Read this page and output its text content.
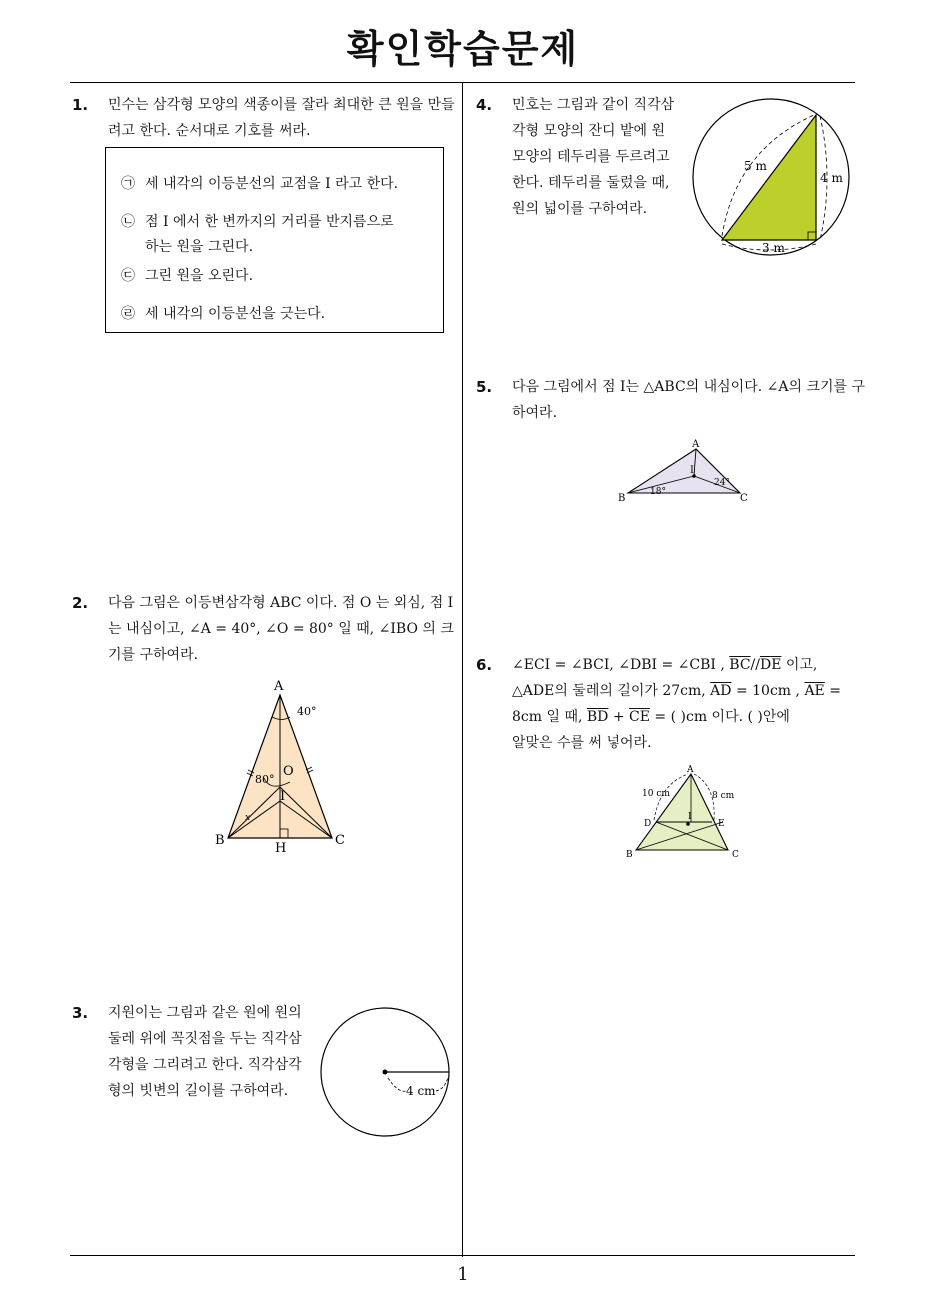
확인학습문제
1
1. 민수는 삼각형 모양의 색종이를 잘라 최대한 큰 원을 만들려고 한다. 순서대로 기호를 써라.
㉠ 세 내각의 이등분선의 교점을 I 라고 한다.
㉡ 점 I 에서 한 변까지의 거리를 반지름으로
하는 원을 그린다.
㉢ 그린 원을 오린다.
㉣ 세 내각의 이등분선을 긋는다.
2. 다음 그림은 이등변삼각형 ABC 이다. 점 O 는 외심, 점 I 는 내심이고, ∠A = 40°, ∠O = 80° 일 때, ∠IBO 의 크기를 구하여라.
A
B	C
H
O
I
40°
80°
x
3. 지원이는 그림과 같은 원에 원의 둘레 위에 꼭짓점을 두는 직각삼각형을 그리려고 한다. 직각삼각형의 빗변의 길이를 구하여라.	4 cm
4. 민호는 그림과 같이 직각삼각형 모양의 잔디 밭에 원 모양의 테두리를 두르려고 한다. 테두리를 둘렀을 때, 원의 넓이를 구하여라.
5 m
4 m
3 m
5. 다음 그림에서 점 I는 △ABC의 내심이다. ∠A의 크기를 구하여라.
A
B	C
I
18°
24°
6. ∠ECI = ∠BCI, ∠DBI = ∠CBI , $\overline{BC}//\overline{DE}$ 이고,
△ADE의 둘레의 길이가 27cm, $\overline{AD} = 10cm$ , $\overline{AE}$ =
8cm 일 때, $\overline{BD} + \overline{CE}$ = ( )cm 이다. ( )안에
알맞은 수를 써 넣어라.
A
B	C
D	E
I
10 cm	8 cm
